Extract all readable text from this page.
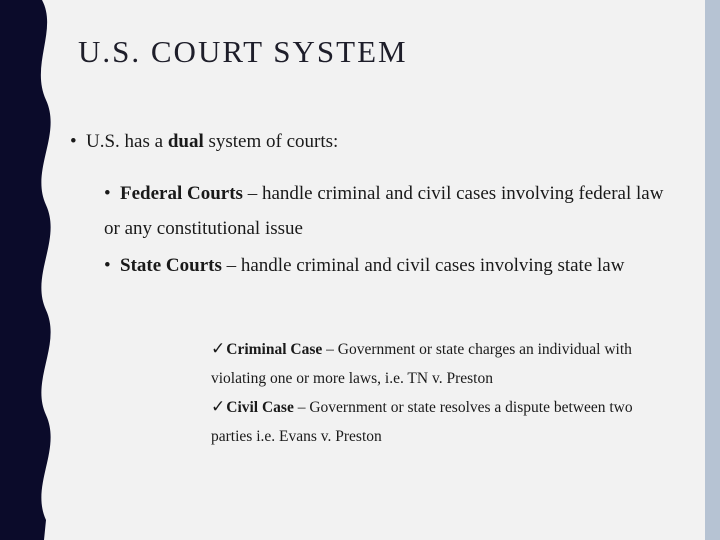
U.S. COURT SYSTEM
• U.S. has a dual system of courts:
• Federal Courts – handle criminal and civil cases involving federal law or any constitutional issue
• State Courts – handle criminal and civil cases involving state law
✓Criminal Case – Government or state charges an individual with violating one or more laws, i.e. TN v. Preston
✓Civil Case – Government or state resolves a dispute between two parties i.e. Evans v. Preston
